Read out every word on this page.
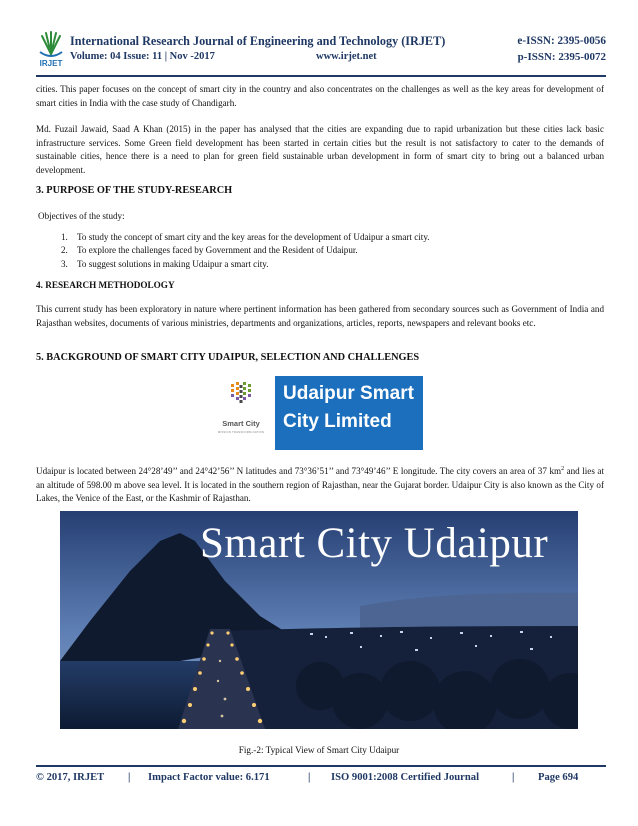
IRJET
International Research Journal of Engineering and Technology (IRJET)	e-ISSN: 2395-0056
Volume: 04 Issue: 11 | Nov -2017	www.irjet.net	p-ISSN: 2395-0072
cities. This paper focuses on the concept of smart city in the country and also concentrates on the challenges as well as the key areas for development of smart cities in India with the case study of Chandigarh.
Md. Fuzail Jawaid, Saad A Khan (2015) in the paper has analysed that the cities are expanding due to rapid urbanization but these cities lack basic infrastructure services. Some Green field development has been started in certain cities but the result is not satisfactory to cater to the demands of sustainable cities, hence there is a need to plan for green field sustainable urban development in form of smart city to bring out a balanced urban development.
3. PURPOSE OF THE STUDY-RESEARCH
Objectives of the study:
1. To study the concept of smart city and the key areas for the development of Udaipur a smart city.
2. To explore the challenges faced by Government and the Resident of Udaipur.
3. To suggest solutions in making Udaipur a smart city.
4. RESEARCH METHODOLOGY
This current study has been exploratory in nature where pertinent information has been gathered from secondary sources such as Government of India and Rajasthan websites, documents of various ministries, departments and organizations, articles, reports, newspapers and relevant books etc.
5. BACKGROUND OF SMART CITY UDAIPUR, SELECTION AND CHALLENGES
Smart City
MISSION TRANSFORM-NATION
Udaipur Smart
City Limited
Udaipur is located between 24°28’49’’ and 24°42’56’’ N latitudes and 73°36’51’’ and 73°49’46’’ E longitude. The city covers an area of 37 $km^2$ and lies at an altitude of 598.00 m above sea level. It is located in the southern region of Rajasthan, near the Gujarat border. Udaipur City is also known as the City of Lakes, the Venice of the East, or the Kashmir of Rajasthan.
Smart City Udaipur
Fig.-2: Typical View of Smart City Udaipur
© 2017, IRJET | Impact Factor value: 6.171	| ISO 9001:2008 Certified Journal	| Page 694
